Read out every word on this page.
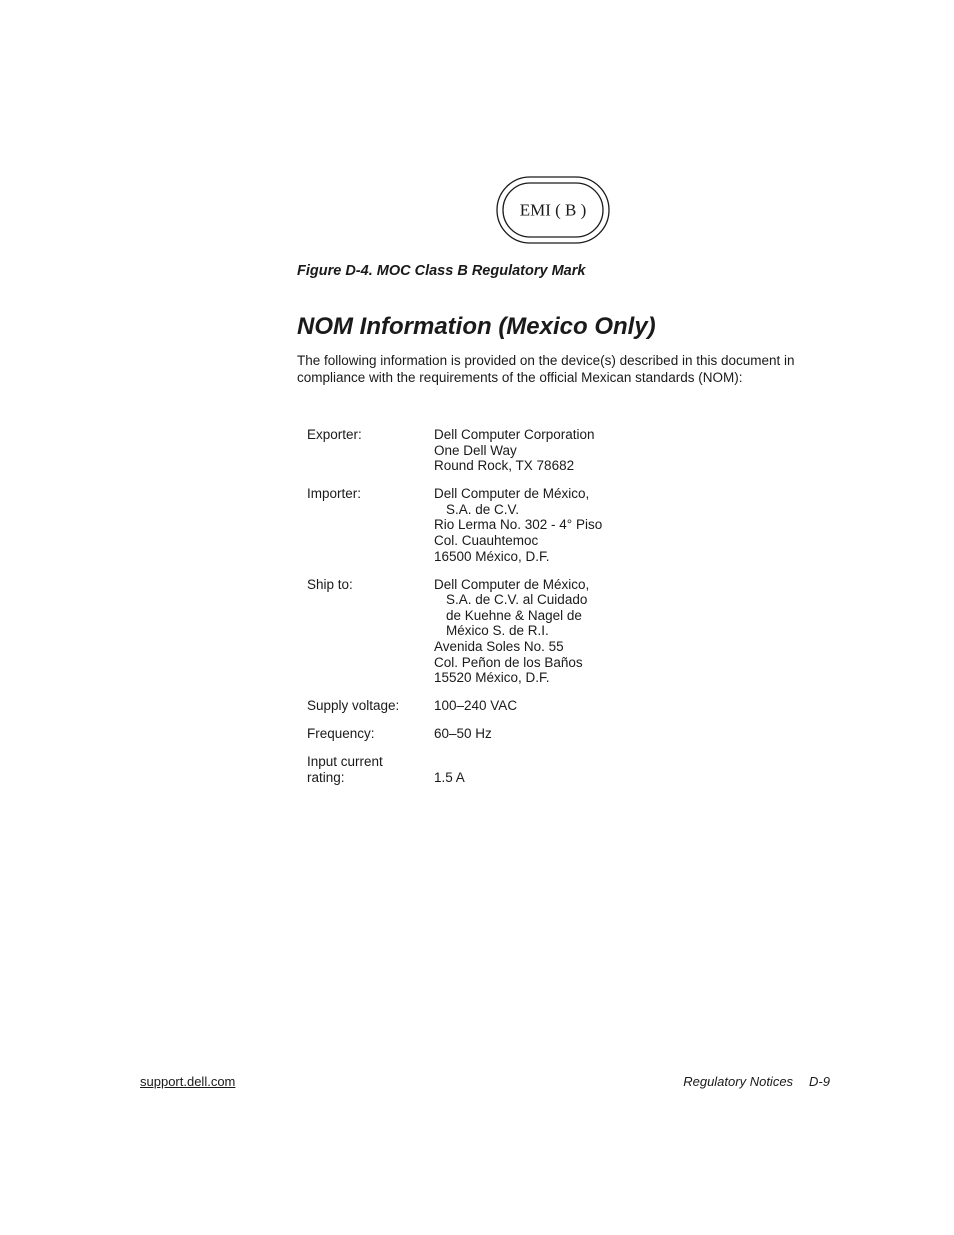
EMI ( B )
Figure D-4. MOC Class B Regulatory Mark
NOM Information (Mexico Only)

The following information is provided on the device(s) described in this document in compliance with the requirements of the official Mexican standards (NOM):

Exporter:	Dell Computer Corporation
One Dell Way
Round Rock, TX 78682
Importer:	Dell Computer de México,
S.A. de C.V.
Rio Lerma No. 302 - 4° Piso
Col. Cuauhtemoc
16500 México, D.F.
Ship to:	Dell Computer de México,
S.A. de C.V. al Cuidado
de Kuehne & Nagel de
México S. de R.I.
Avenida Soles No. 55
Col. Peñon de los Baños
15520 México, D.F.
Supply voltage:	100–240 VAC
Frequency:	60–50 Hz
Input current
rating:
	1.5 A
support.dell.com	Regulatory Notices D-9
